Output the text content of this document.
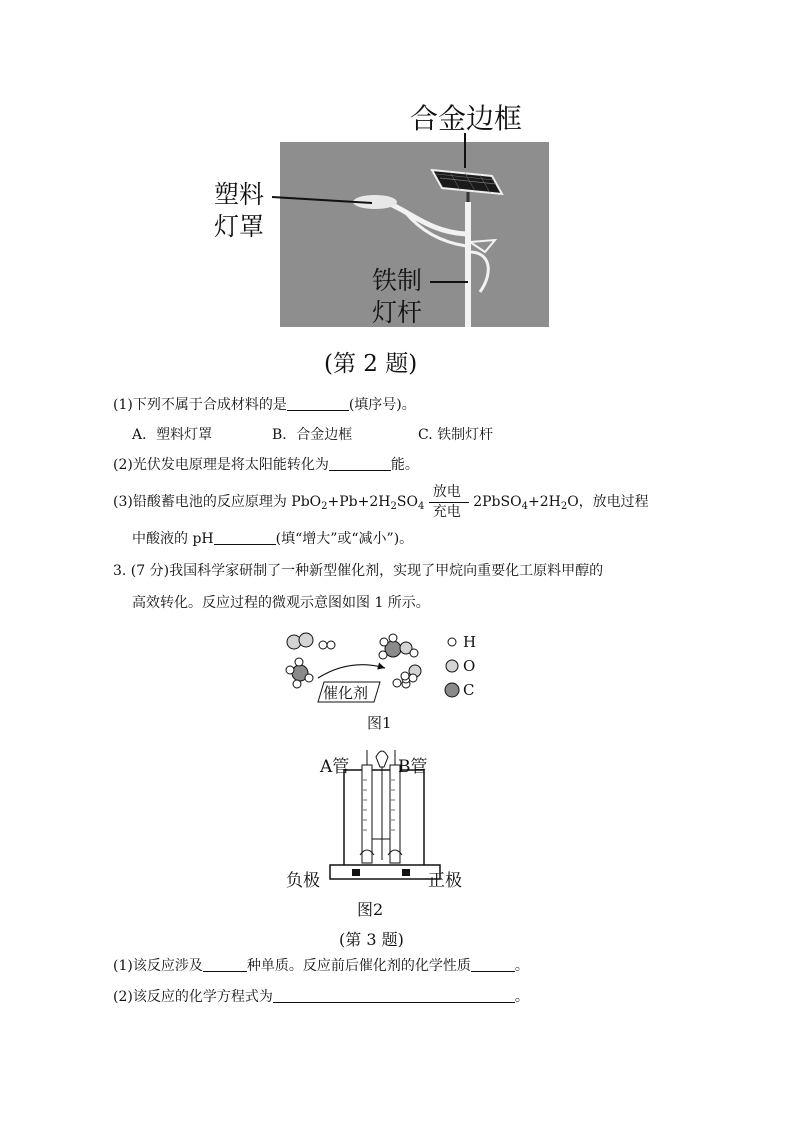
合金边框
塑料
灯罩
铁制
灯杆
(第 2 题)
(1)下列不属于合成材料的是	(填序号)。
A．塑料灯罩	B．合金边框	C. 铁制灯杆
(2)光伏发电原理是将太阳能转化为	能。
(3)铅酸蓄电池的反应原理为 $PbO_2+Pb+2H_2SO_4$
放电
充电
$2PbSO_4+2H_2O$，放电过程
中酸液的 pH	(填“增大”或“减小”)。
3. (7 分)我国科学家研制了一种新型催化剂，实现了甲烷向重要化工原料甲醇的
高效转化。反应过程的微观示意图如图 1 所示。
催化剂
H
O
C
图1
A管	B管
负极	正极
图2
(第 3 题)
(1)该反应涉及	种单质。反应前后催化剂的化学性质	。
(2)该反应的化学方程式为	。
